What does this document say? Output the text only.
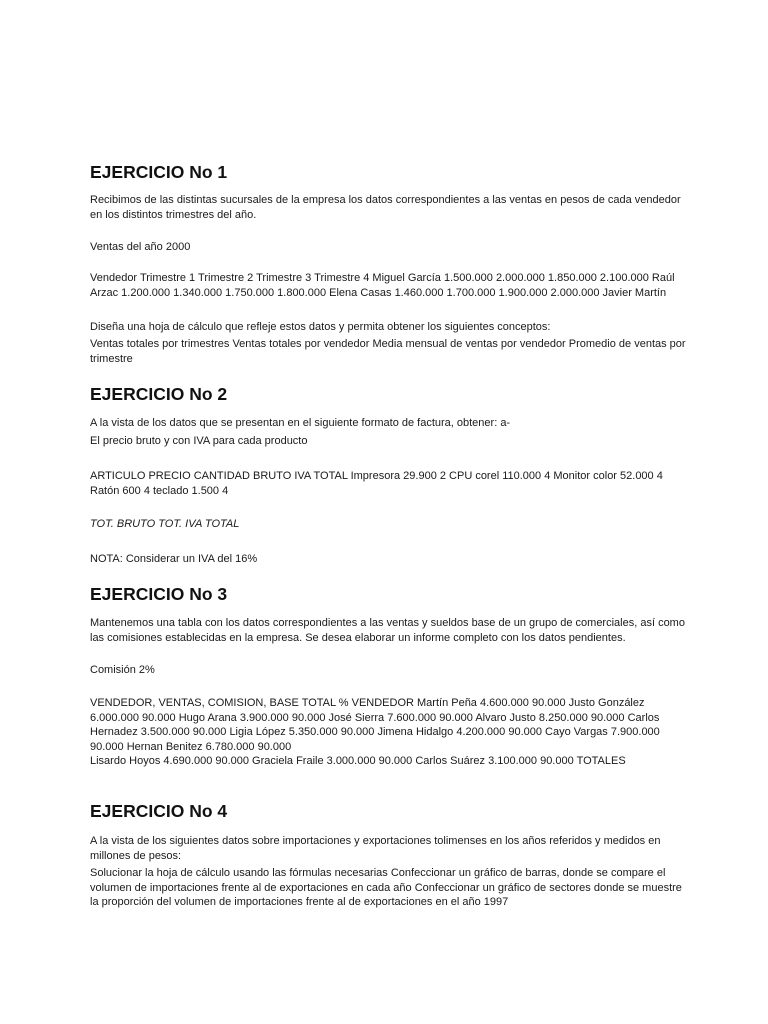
EJERCICIO No 1

Recibimos de las distintas sucursales de la empresa los datos correspondientes a las ventas en pesos de cada vendedor en los distintos trimestres del año.

Ventas del año 2000

Vendedor Trimestre 1 Trimestre 2 Trimestre 3 Trimestre 4 Miguel García 1.500.000 2.000.000 1.850.000 2.100.000 Raúl Arzac 1.200.000 1.340.000 1.750.000 1.800.000 Elena Casas 1.460.000 1.700.000 1.900.000 2.000.000 Javier Martín

Diseña una hoja de cálculo que refleje estos datos y permita obtener los siguientes conceptos:

Ventas totales por trimestres Ventas totales por vendedor Media mensual de ventas por vendedor Promedio de ventas por trimestre

EJERCICIO No 2

A la vista de los datos que se presentan en el siguiente formato de factura, obtener: a-

El precio bruto y con IVA para cada producto

ARTICULO PRECIO CANTIDAD BRUTO IVA TOTAL Impresora 29.900 2 CPU corel 110.000 4 Monitor color 52.000 4 Ratón 600 4 teclado 1.500 4

TOT. BRUTO TOT. IVA TOTAL

NOTA: Considerar un IVA del 16%

EJERCICIO No 3

Mantenemos una tabla con los datos correspondientes a las ventas y sueldos base de un grupo de comerciales, así como las comisiones establecidas en la empresa. Se desea elaborar un informe completo con los datos pendientes.

Comisión 2%

VENDEDOR, VENTAS, COMISION, BASE TOTAL % VENDEDOR Martín Peña 4.600.000 90.000 Justo González
6.000.000 90.000 Hugo Arana 3.900.000 90.000 José Sierra 7.600.000 90.000 Alvaro Justo 8.250.000 90.000 Carlos
Hernadez 3.500.000 90.000 Ligia López 5.350.000 90.000 Jimena Hidalgo 4.200.000 90.000 Cayo Vargas 7.900.000
90.000 Hernan Benitez 6.780.000 90.000
Lisardo Hoyos 4.690.000 90.000 Graciela Fraile 3.000.000 90.000 Carlos Suárez 3.100.000 90.000 TOTALES

EJERCICIO No 4

A la vista de los siguientes datos sobre importaciones y exportaciones tolimenses en los años referidos y medidos en millones de pesos:

Solucionar la hoja de cálculo usando las fórmulas necesarias Confeccionar un gráfico de barras, donde se compare el volumen de importaciones frente al de exportaciones en cada año Confeccionar un gráfico de sectores donde se muestre la proporción del volumen de importaciones frente al de exportaciones en el año 1997
